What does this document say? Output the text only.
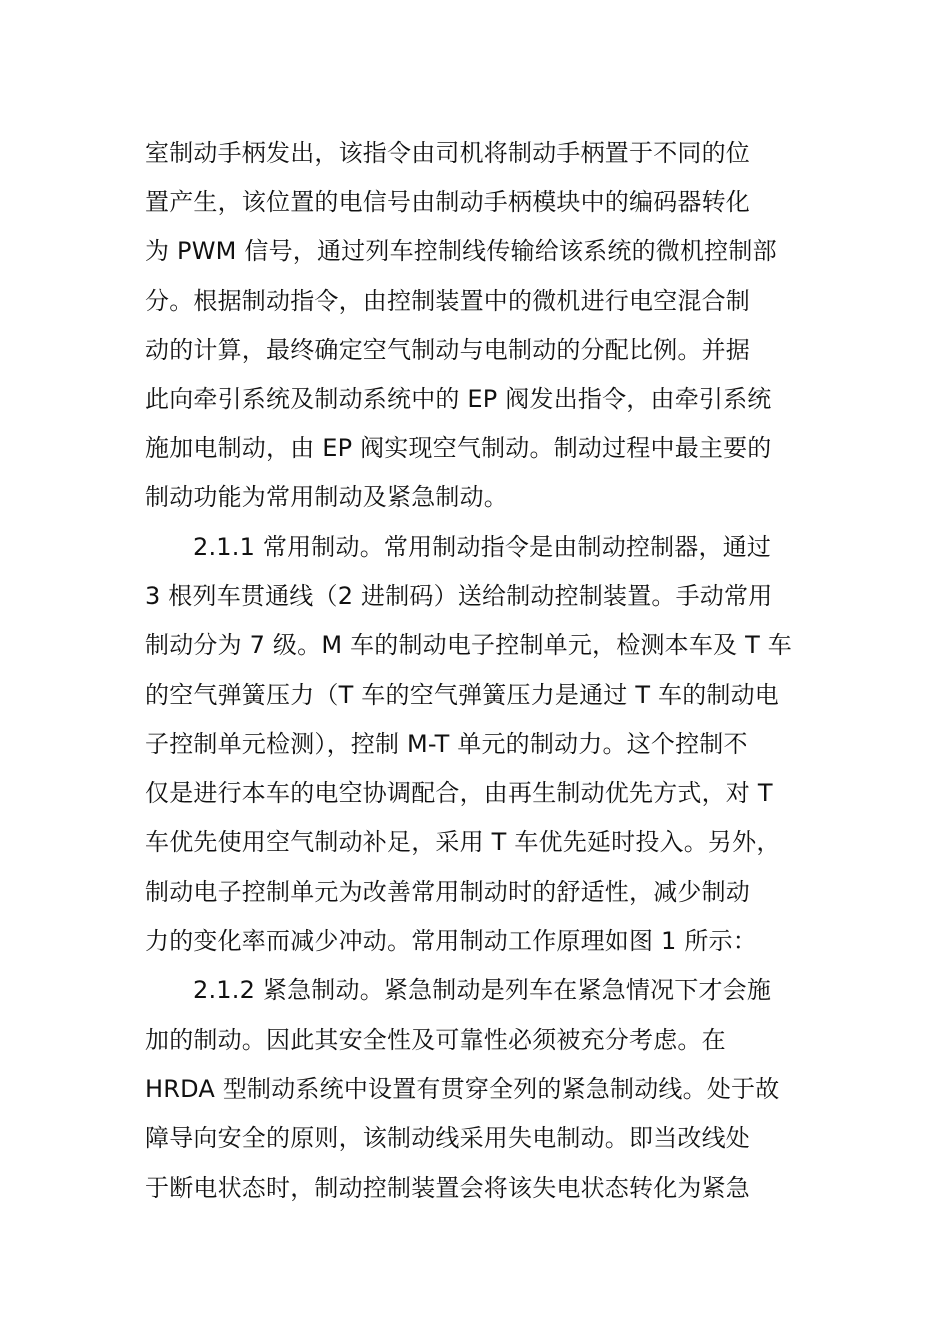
室制动手柄发出，该指令由司机将制动手柄置于不同的位
置产生，该位置的电信号由制动手柄模块中的编码器转化
为 PWM 信号，通过列车控制线传输给该系统的微机控制部
分。根据制动指令，由控制装置中的微机进行电空混合制
动的计算，最终确定空气制动与电制动的分配比例。并据
此向牵引系统及制动系统中的 EP 阀发出指令，由牵引系统
施加电制动，由 EP 阀实现空气制动。制动过程中最主要的
制动功能为常用制动及紧急制动。
2.1.1 常用制动。常用制动指令是由制动控制器，通过
3 根列车贯通线（2 进制码）送给制动控制装置。手动常用
制动分为 7 级。M 车的制动电子控制单元，检测本车及 T 车
的空气弹簧压力（T 车的空气弹簧压力是通过 T 车的制动电
子控制单元检测），控制 M-T 单元的制动力。这个控制不
仅是进行本车的电空协调配合，由再生制动优先方式，对 T
车优先使用空气制动补足，采用 T 车优先延时投入。另外，
制动电子控制单元为改善常用制动时的舒适性，减少制动
力的变化率而减少冲动。常用制动工作原理如图 1 所示：
2.1.2 紧急制动。紧急制动是列车在紧急情况下才会施
加的制动。因此其安全性及可靠性必须被充分考虑。在
HRDA 型制动系统中设置有贯穿全列的紧急制动线。处于故
障导向安全的原则，该制动线采用失电制动。即当改线处
于断电状态时，制动控制装置会将该失电状态转化为紧急
